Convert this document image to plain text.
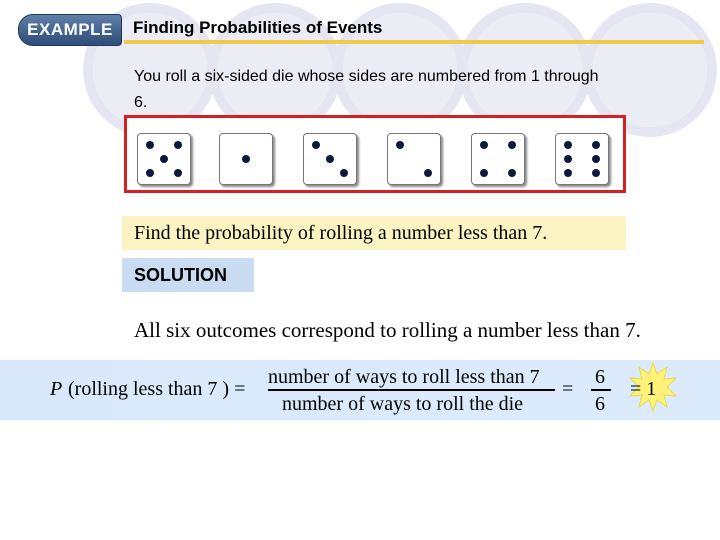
EXAMPLE	Finding Probabilities of Events
You roll a six-sided die whose sides are numbered from 1 through 6.
Find the probability of rolling a number less than 7.
SOLUTION
All six outcomes correspond to rolling a number less than 7.
P (rolling less than 7 ) =
number of ways to roll less than 7
number of ways to roll the die
=
6
6
= 1
